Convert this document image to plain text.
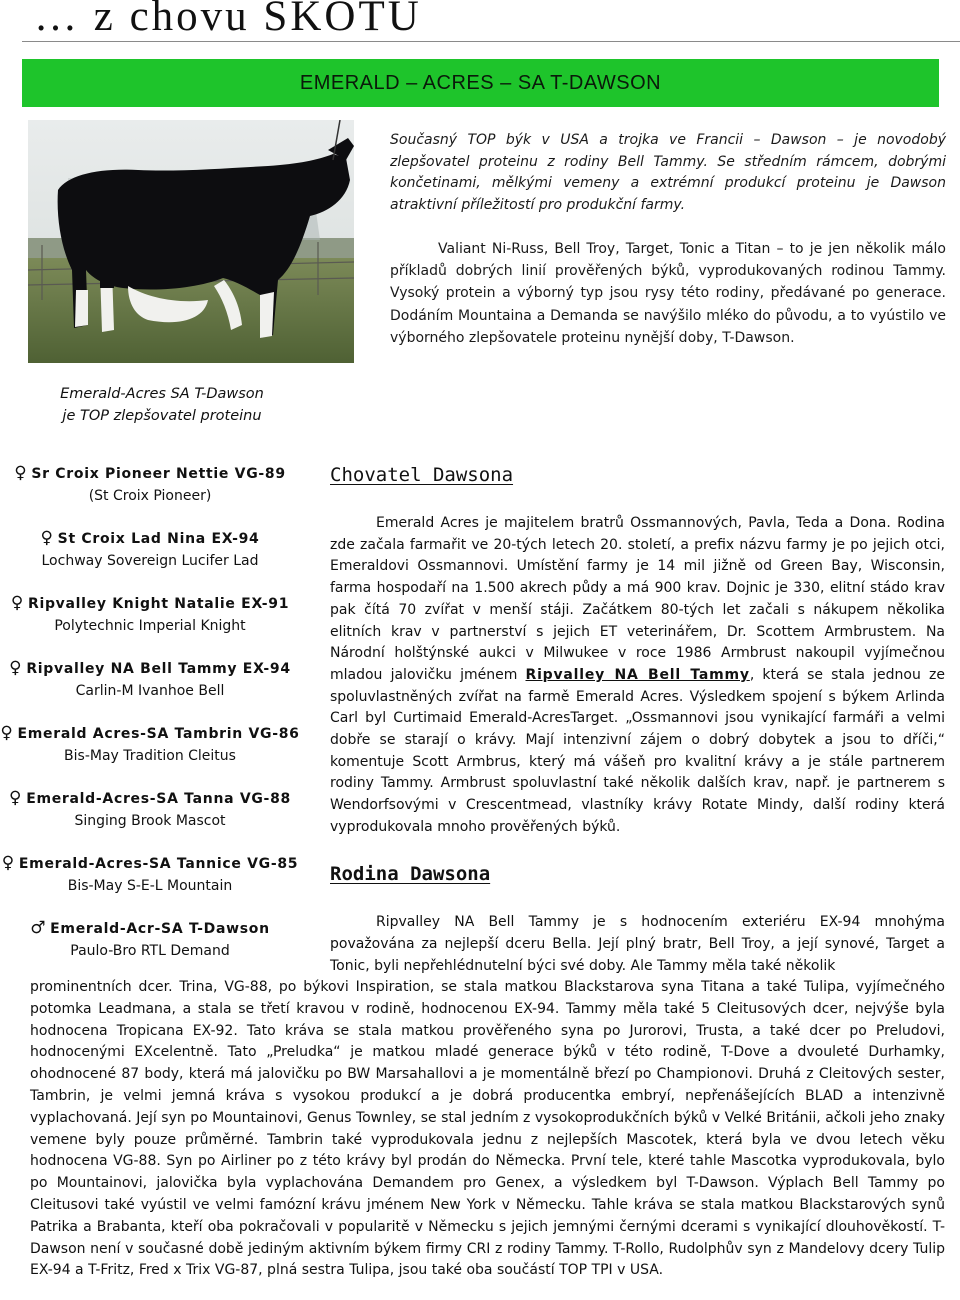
… z chovu SKOTU
EMERALD – ACRES – SA T-DAWSON
Současný TOP býk v USA a trojka ve Francii – Dawson – je novodobý zlepšovatel proteinu z rodiny Bell Tammy. Se středním rámcem, dobrými končetinami, mělkými vemeny a extrémní produkcí proteinu je Dawson atraktivní příležitostí pro produkční farmy.
Valiant Ni-Russ, Bell Troy, Target, Tonic a Titan – to je jen několik málo příkladů dobrých linií prověřených býků, vyprodukovaných rodinou Tammy. Vysoký protein a výborný typ jsou rysy této rodiny, předávané po generace. Dodáním Mountaina a Demanda se navýšilo mléko do původu, a to vyústilo ve výborného zlepšovatele proteinu nynější doby, T-Dawson.
Emerald-Acres SA T-Dawson
je TOP zlepšovatel proteinu
♀ Sr Croix Pioneer Nettie VG-89
(St Croix Pioneer)
♀ St Croix Lad Nina EX-94
Lochway Sovereign Lucifer Lad
♀ Ripvalley Knight Natalie EX-91
Polytechnic Imperial Knight
♀ Ripvalley NA Bell Tammy EX-94
Carlin-M Ivanhoe Bell
♀ Emerald Acres-SA Tambrin VG-86
Bis-May Tradition Cleitus
♀ Emerald-Acres-SA Tanna VG-88
Singing Brook Mascot
♀ Emerald-Acres-SA Tannice VG-85
Bis-May S-E-L Mountain
♂ Emerald-Acr-SA T-Dawson
Paulo-Bro RTL Demand
Chovatel Dawsona
Emerald Acres je majitelem bratrů Ossmannových, Pavla, Teda a Dona. Rodina zde začala farmařit ve 20-tých letech 20. století, a prefix názvu farmy je po jejich otci, Emeraldovi Ossmannovi. Umístění farmy je 14 mil jižně od Green Bay, Wisconsin, farma hospodaří na 1.500 akrech půdy a má 900 krav. Dojnic je 330, elitní stádo krav pak čítá 70 zvířat v menší stáji. Začátkem 80-tých let začali s nákupem několika elitních krav v partnerství s jejich ET veterinářem, Dr. Scottem Armbrustem. Na Národní holštýnské aukci v Milwukee v roce 1986 Armbrust nakoupil vyjímečnou mladou jalovičku jménem Ripvalley NA Bell Tammy, která se stala jednou ze spoluvlastněných zvířat na farmě Emerald Acres. Výsledkem spojení s býkem Arlinda Carl byl Curtimaid Emerald-AcresTarget. „Ossmannovi jsou vynikající farmáři a velmi dobře se starají o krávy. Mají intenzivní zájem o dobrý dobytek a jsou to dříči,“ komentuje Scott Armbrus, který má vášeň pro kvalitní krávy a je stále partnerem rodiny Tammy. Armbrust spoluvlastní také několik dalších krav, např. je partnerem s Wendorfsovými v Crescentmead, vlastníky krávy Rotate Mindy, další rodiny která vyprodukovala mnoho prověřených býků.
Rodina Dawsona
Ripvalley NA Bell Tammy je s hodnocením exteriéru EX-94 mnohýma považována za nejlepší dceru Bella. Její plný bratr, Bell Troy, a její synové, Target a Tonic, byli nepřehlédnutelní býci své doby. Ale Tammy měla také několik
prominentních dcer. Trina, VG-88, po býkovi Inspiration, se stala matkou Blackstarova syna Titana a také Tulipa, vyjímečného potomka Leadmana, a stala se třetí kravou v rodině, hodnocenou EX-94. Tammy měla také 5 Cleitusových dcer, nejvýše byla hodnocena Tropicana EX-92. Tato kráva se stala matkou prověřeného syna po Jurorovi, Trusta, a také dcer po Preludovi, hodnocenými EXcelentně. Tato „Preludka“ je matkou mladé generace býků v této rodině, T-Dove a dvouleté Durhamky, ohodnocené 87 body, která má jalovičku po BW Marsahallovi a je momentálně březí po Championovi. Druhá z Cleitových sester, Tambrin, je velmi jemná kráva s vysokou produkcí a je dobrá producentka embryí, nepřenášejících BLAD a intenzivně vyplachovaná. Její syn po Mountainovi, Genus Townley, se stal jedním z vysokoprodukčních býků v Velké Británii, ačkoli jeho znaky vemene byly pouze průměrné. Tambrin také vyprodukovala jednu z nejlepších Mascotek, která byla ve dvou letech věku hodnocena VG-88. Syn po Airliner po z této krávy byl prodán do Německa. První tele, které tahle Mascotka vyprodukovala, bylo po Mountainovi, jalovička byla vyplachována Demandem pro Genex, a výsledkem byl T-Dawson. Výplach Bell Tammy po Cleitusovi také vyústil ve velmi famózní krávu jménem New York v Německu. Tahle kráva se stala matkou Blackstarových synů Patrika a Brabanta, kteří oba pokračovali v popularitě v Německu s jejich jemnými černými dcerami s vynikající dlouhověkostí. T-Dawson není v současné době jediným aktivním býkem firmy CRI z rodiny Tammy. T-Rollo, Rudolphův syn z Mandelovy dcery Tulip EX-94 a T-Fritz, Fred x Trix VG-87, plná sestra Tulipa, jsou také oba součástí TOP TPI v USA.
